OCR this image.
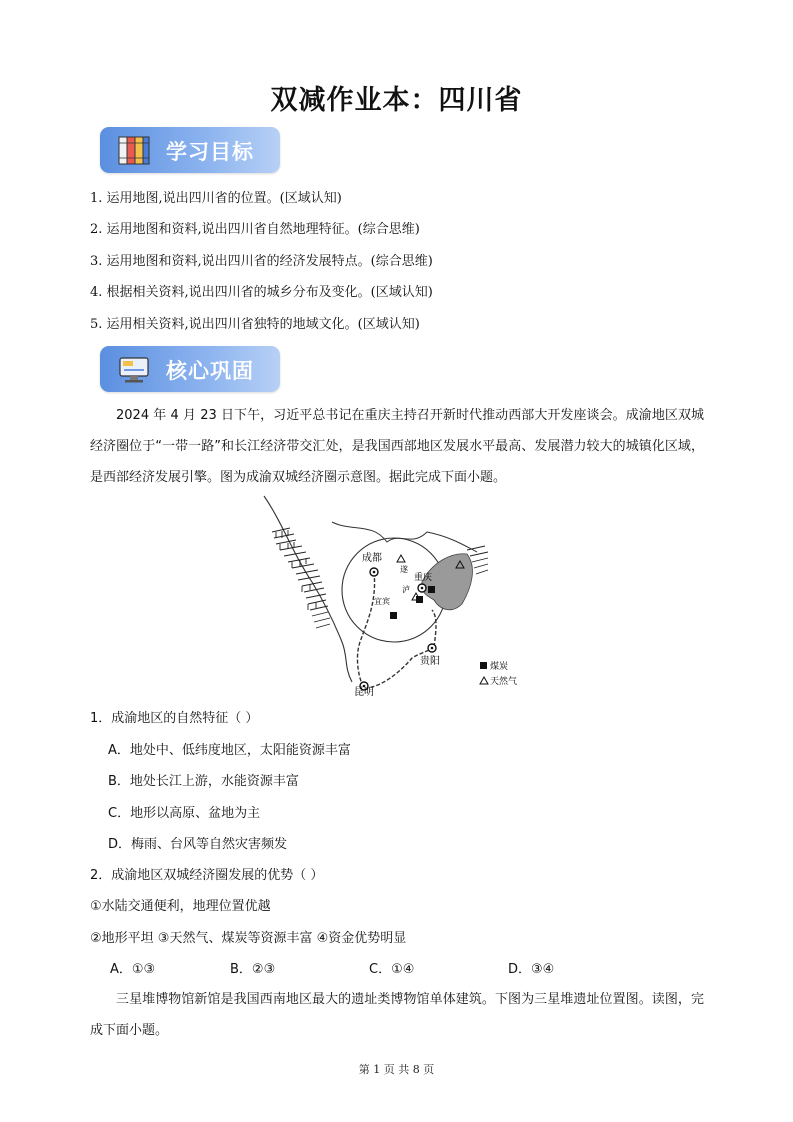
双减作业本：四川省
学习目标
1. 运用地图,说出四川省的位置。(区域认知)
2. 运用地图和资料,说出四川省自然地理特征。(综合思维)
3. 运用地图和资料,说出四川省的经济发展特点。(综合思维)
4. 根据相关资料,说出四川省的城乡分布及变化。(区域认知)
5. 运用相关资料,说出四川省独特的地域文化。(区域认知)
核心巩固
2024 年 4 月 23 日下午，习近平总书记在重庆主持召开新时代推动西部大开发座谈会。成渝地区双城经济圈位于“一带一路”和长江经济带交汇处，是我国西部地区发展水平最高、发展潜力较大的城镇化区域，是西部经济发展引擎。图为成渝双城经济圈示意图。据此完成下面小题。
成都
重庆
贵阳
昆明
遂
宜宾
泸
煤炭
天然气
1．成渝地区的自然特征（ ）
A．地处中、低纬度地区，太阳能资源丰富
B．地处长江上游，水能资源丰富
C．地形以高原、盆地为主
D．梅雨、台风等自然灾害频发
2．成渝地区双城经济圈发展的优势（ ）
①水陆交通便利，地理位置优越
②地形平坦 ③天然气、煤炭等资源丰富 ④资金优势明显
A．①③	B．②③	C．①④	D．③④
三星堆博物馆新馆是我国西南地区最大的遗址类博物馆单体建筑。下图为三星堆遗址位置图。读图，完成下面小题。
第 1 页 共 8 页
